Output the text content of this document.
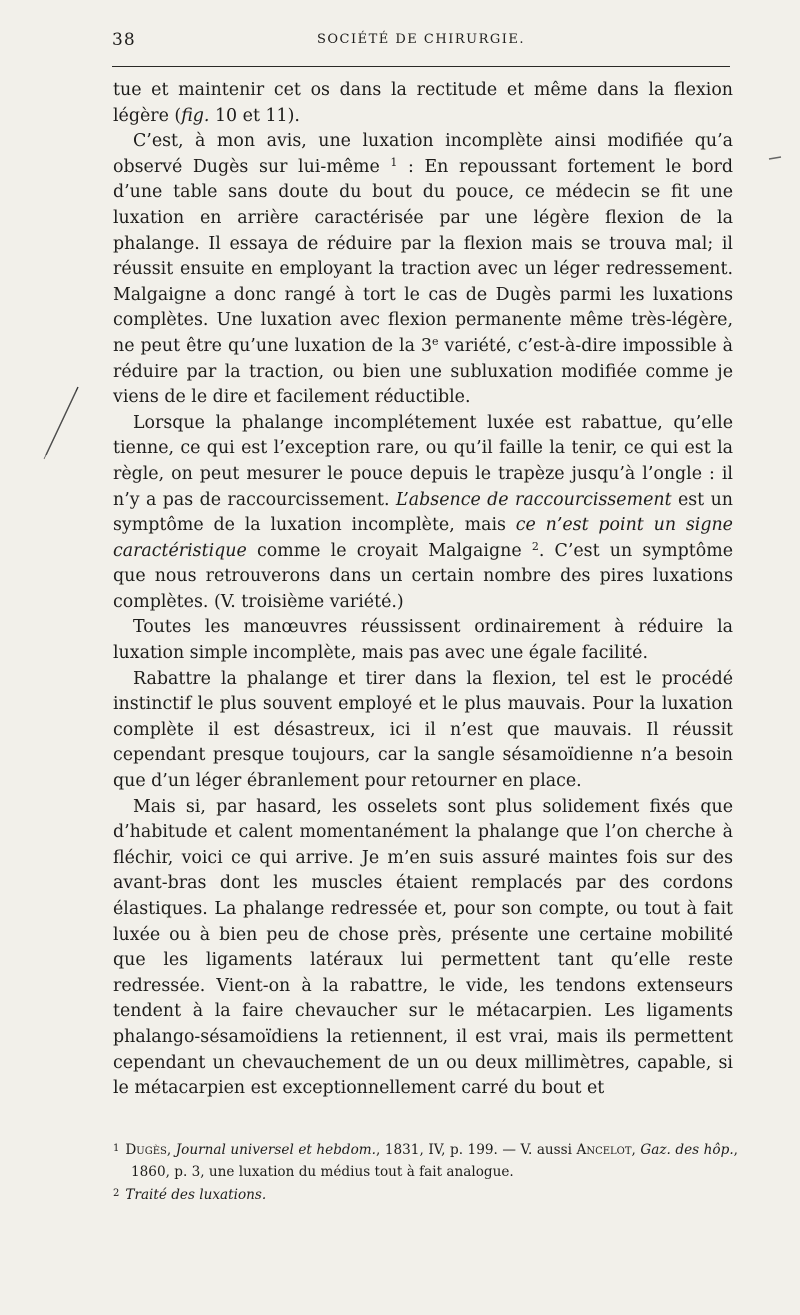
38	SOCIÉTÉ DE CHIRURGIE.

tue et maintenir cet os dans la rectitude et même dans la flexion légère (fig. 10 et 11).

C’est, à mon avis, une luxation incomplète ainsi modifiée qu’a observé Dugès sur lui-même $^1$ : En repoussant fortement le bord d’une table sans doute du bout du pouce, ce médecin se fit une luxation en arrière caractérisée par une légère flexion de la phalange. Il essaya de réduire par la flexion mais se trouva mal; il réussit ensuite en employant la traction avec un léger redressement. Malgaigne a donc rangé à tort le cas de Dugès parmi les luxations complètes. Une luxation avec flexion permanente même très-légère, ne peut être qu’une luxation de la 3e variété, c’est-à-dire impossible à réduire par la traction, ou bien une subluxation modifiée comme je viens de le dire et facilement réductible.

Lorsque la phalange incomplétement luxée est rabattue, qu’elle tienne, ce qui est l’exception rare, ou qu’il faille la tenir, ce qui est la règle, on peut mesurer le pouce depuis le trapèze jusqu’à l’ongle : il n’y a pas de raccourcissement. L’absence de raccourcissement est un symptôme de la luxation incomplète, mais ce n’est point un signe caractéristique comme le croyait Malgaigne $^2$. C’est un symptôme que nous retrouverons dans un certain nombre des pires luxations complètes. (V. troisième variété.)

Toutes les manœuvres réussissent ordinairement à réduire la luxation simple incomplète, mais pas avec une égale facilité.

Rabattre la phalange et tirer dans la flexion, tel est le procédé instinctif le plus souvent employé et le plus mauvais. Pour la luxation complète il est désastreux, ici il n’est que mauvais. Il réussit cependant presque toujours, car la sangle sésamoïdienne n’a besoin que d’un léger ébranlement pour retourner en place.

Mais si, par hasard, les osselets sont plus solidement fixés que d’habitude et calent momentanément la phalange que l’on cherche à fléchir, voici ce qui arrive. Je m’en suis assuré maintes fois sur des avant-bras dont les muscles étaient remplacés par des cordons élastiques. La phalange redressée et, pour son compte, ou tout à fait luxée ou à bien peu de chose près, présente une certaine mobilité que les ligaments latéraux lui permettent tant qu’elle reste redressée. Vient-on à la rabattre, le vide, les tendons extenseurs tendent à la faire chevaucher sur le métacarpien. Les ligaments phalango-sésamoïdiens la retiennent, il est vrai, mais ils permettent cependant un chevauchement de un ou deux millimètres, capable, si le métacarpien est exceptionnellement carré du bout et

$^1$ Dugès, Journal universel et hebdom., 1831, IV, p. 199. — V. aussi Ancelot, Gaz. des hôp., 1860, p. 3, une luxation du médius tout à fait analogue.

$^2$ Traité des luxations.
